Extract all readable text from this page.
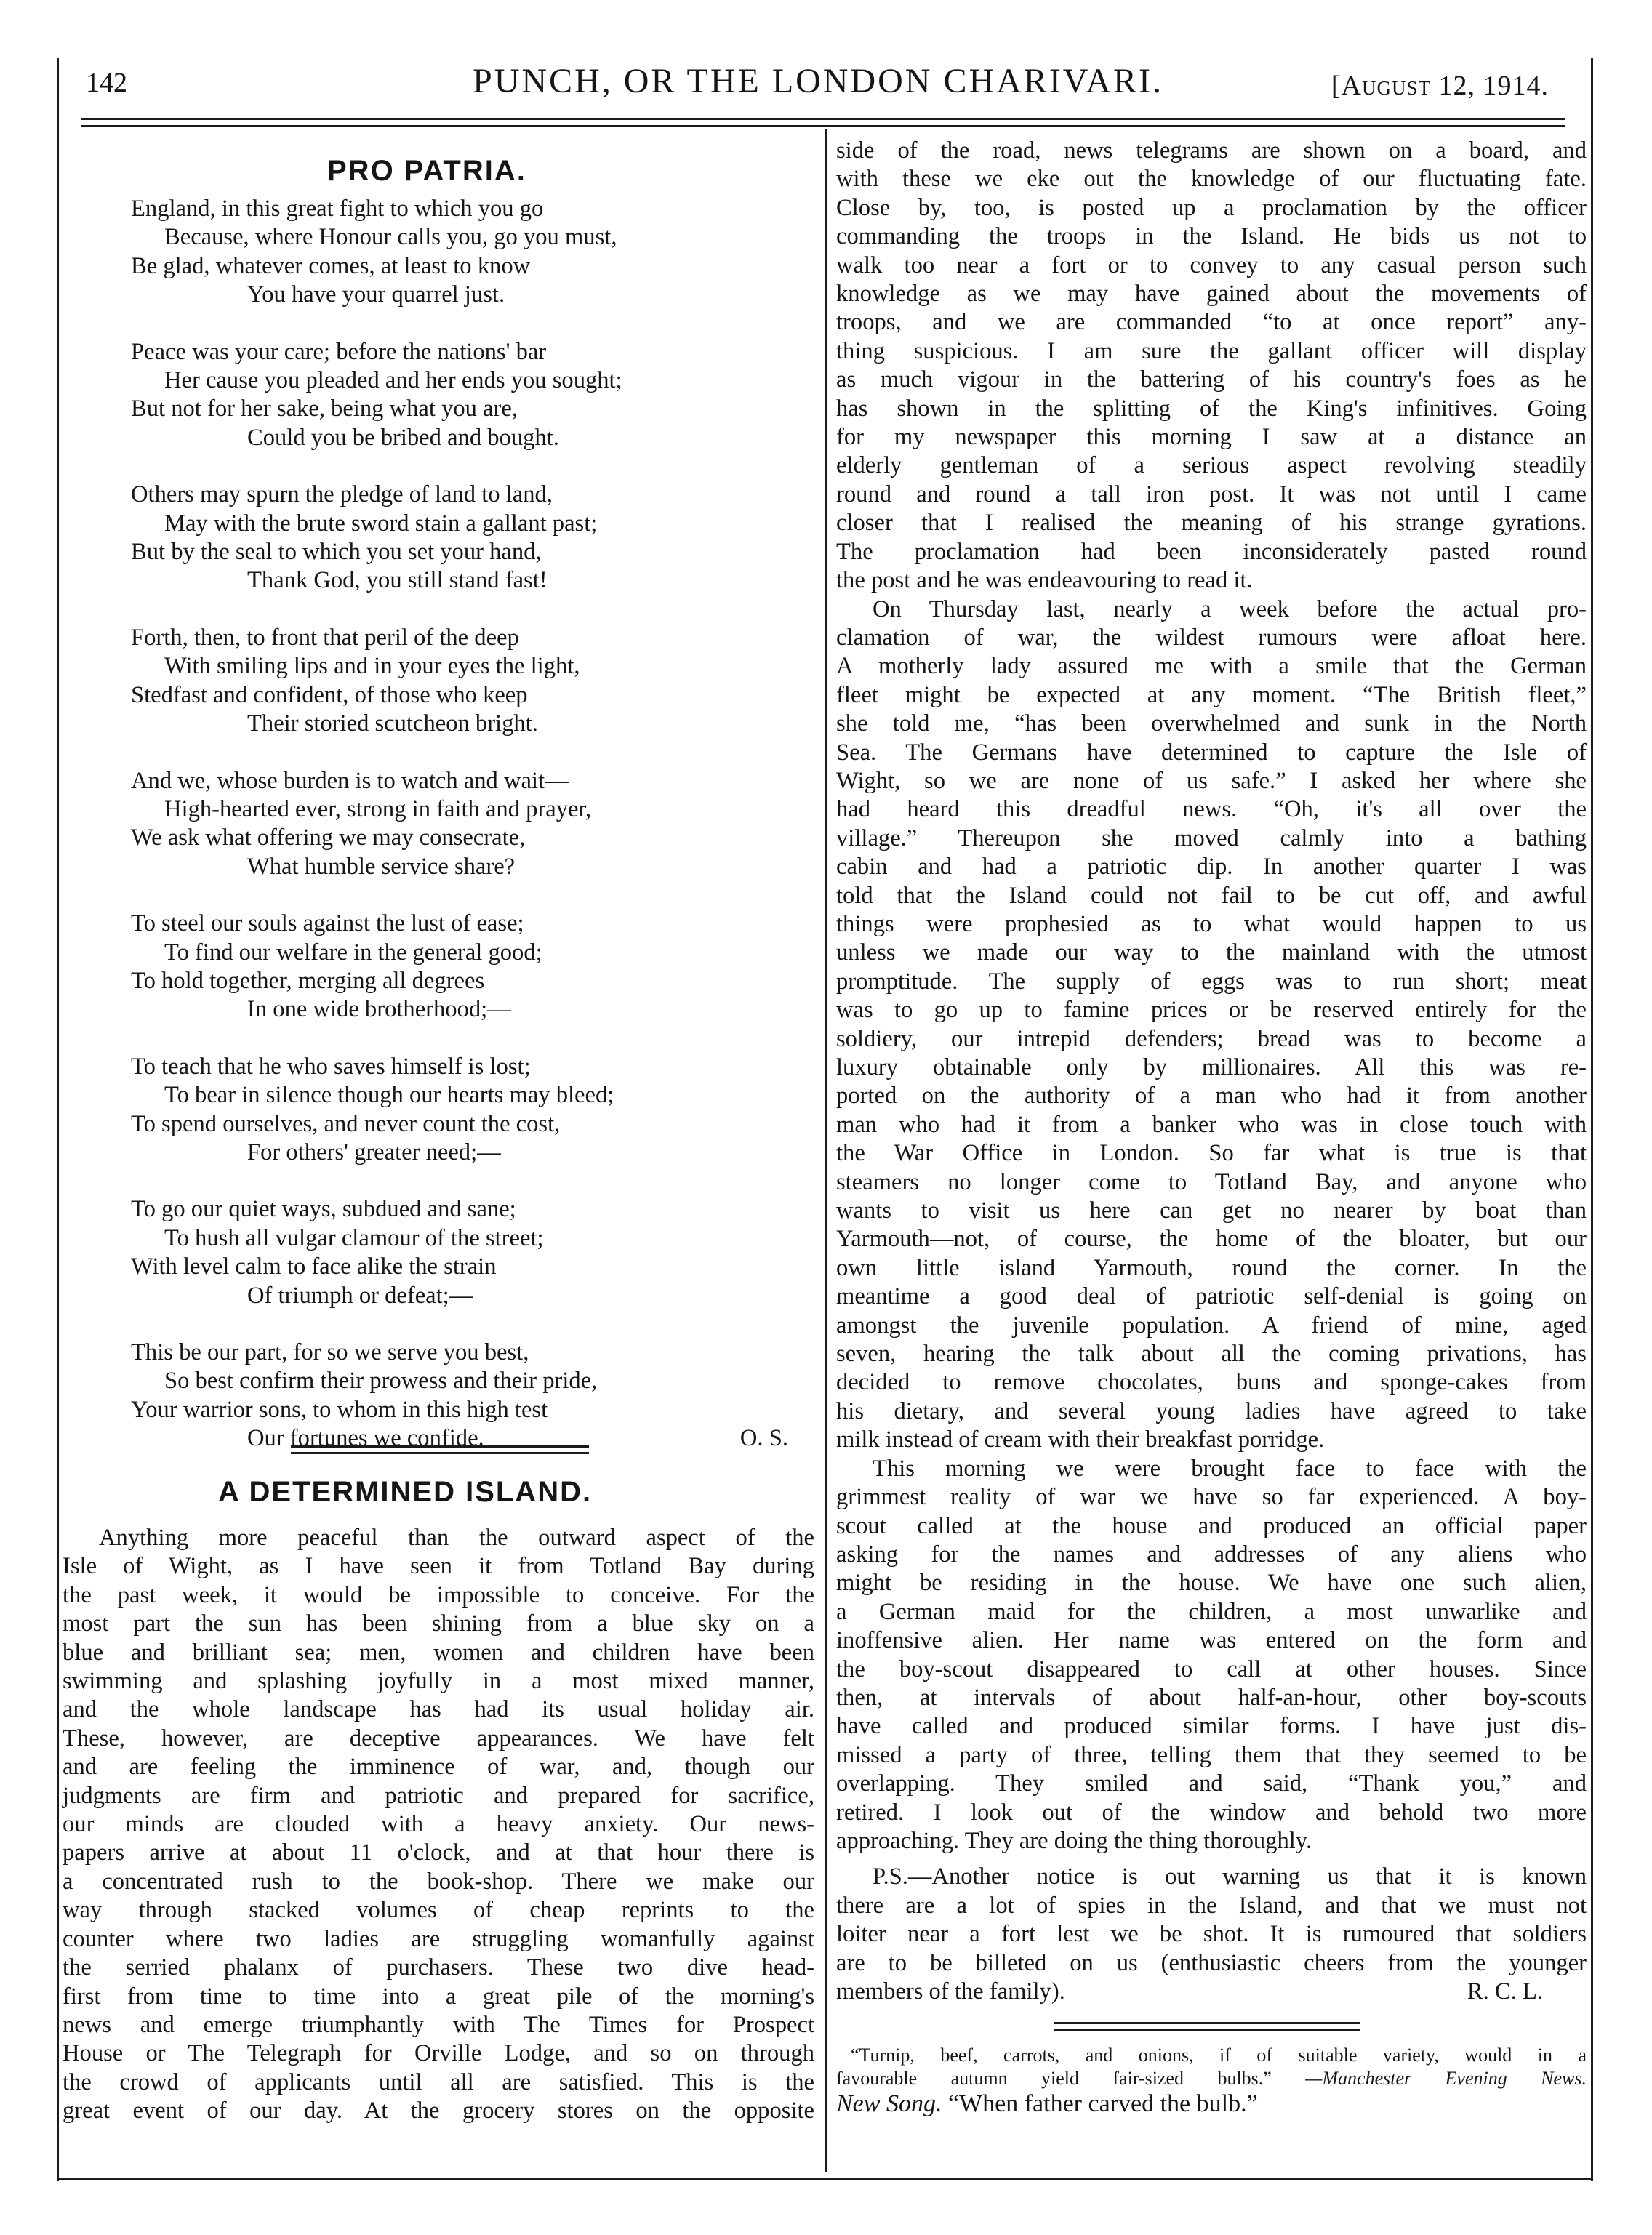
142	PUNCH, OR THE LONDON CHARIVARI.	[August 12, 1914.
PRO PATRIA.
England, in this great fight to which you go
Because, where Honour calls you, go you must,
Be glad, whatever comes, at least to know
You have your quarrel just.
Peace was your care; before the nations' bar
Her cause you pleaded and her ends you sought;
But not for her sake, being what you are,
Could you be bribed and bought.
Others may spurn the pledge of land to land,
May with the brute sword stain a gallant past;
But by the seal to which you set your hand,
Thank God, you still stand fast!
Forth, then, to front that peril of the deep
With smiling lips and in your eyes the light,
Stedfast and confident, of those who keep
Their storied scutcheon bright.
And we, whose burden is to watch and wait—
High-hearted ever, strong in faith and prayer,
We ask what offering we may consecrate,
What humble service share?
To steel our souls against the lust of ease;
To find our welfare in the general good;
To hold together, merging all degrees
In one wide brotherhood;—
To teach that he who saves himself is lost;
To bear in silence though our hearts may bleed;
To spend ourselves, and never count the cost,
For others' greater need;—
To go our quiet ways, subdued and sane;
To hush all vulgar clamour of the street;
With level calm to face alike the strain
Of triumph or defeat;—
This be our part, for so we serve you best,
So best confirm their prowess and their pride,
Your warrior sons, to whom in this high test
Our fortunes we confide.	O. S.
A DETERMINED ISLAND.
Anything more peaceful than the outward aspect of the
Isle of Wight, as I have seen it from Totland Bay during
the past week, it would be impossible to conceive. For the
most part the sun has been shining from a blue sky on a
blue and brilliant sea; men, women and children have been
swimming and splashing joyfully in a most mixed manner,
and the whole landscape has had its usual holiday air.
These, however, are deceptive appearances. We have felt
and are feeling the imminence of war, and, though our
judgments are firm and patriotic and prepared for sacrifice,
our minds are clouded with a heavy anxiety. Our news-
papers arrive at about 11 o'clock, and at that hour there is
a concentrated rush to the book-shop. There we make our
way through stacked volumes of cheap reprints to the
counter where two ladies are struggling womanfully against
the serried phalanx of purchasers. These two dive head-
first from time to time into a great pile of the morning's
news and emerge triumphantly with The Times for Prospect
House or The Telegraph for Orville Lodge, and so on through
the crowd of applicants until all are satisfied. This is the
great event of our day. At the grocery stores on the opposite
side of the road, news telegrams are shown on a board, and
with these we eke out the knowledge of our fluctuating fate.
Close by, too, is posted up a proclamation by the officer
commanding the troops in the Island. He bids us not to
walk too near a fort or to convey to any casual person such
knowledge as we may have gained about the movements of
troops, and we are commanded “to at once report” any-
thing suspicious. I am sure the gallant officer will display
as much vigour in the battering of his country's foes as he
has shown in the splitting of the King's infinitives. Going
for my newspaper this morning I saw at a distance an
elderly gentleman of a serious aspect revolving steadily
round and round a tall iron post. It was not until I came
closer that I realised the meaning of his strange gyrations.
The proclamation had been inconsiderately pasted round
the post and he was endeavouring to read it.
On Thursday last, nearly a week before the actual pro-
clamation of war, the wildest rumours were afloat here.
A motherly lady assured me with a smile that the German
fleet might be expected at any moment. “The British fleet,”
she told me, “has been overwhelmed and sunk in the North
Sea. The Germans have determined to capture the Isle of
Wight, so we are none of us safe.” I asked her where she
had heard this dreadful news. “Oh, it's all over the
village.” Thereupon she moved calmly into a bathing
cabin and had a patriotic dip. In another quarter I was
told that the Island could not fail to be cut off, and awful
things were prophesied as to what would happen to us
unless we made our way to the mainland with the utmost
promptitude. The supply of eggs was to run short; meat
was to go up to famine prices or be reserved entirely for the
soldiery, our intrepid defenders; bread was to become a
luxury obtainable only by millionaires. All this was re-
ported on the authority of a man who had it from another
man who had it from a banker who was in close touch with
the War Office in London. So far what is true is that
steamers no longer come to Totland Bay, and anyone who
wants to visit us here can get no nearer by boat than
Yarmouth—not, of course, the home of the bloater, but our
own little island Yarmouth, round the corner. In the
meantime a good deal of patriotic self-denial is going on
amongst the juvenile population. A friend of mine, aged
seven, hearing the talk about all the coming privations, has
decided to remove chocolates, buns and sponge-cakes from
his dietary, and several young ladies have agreed to take
milk instead of cream with their breakfast porridge.
This morning we were brought face to face with the
grimmest reality of war we have so far experienced. A boy-
scout called at the house and produced an official paper
asking for the names and addresses of any aliens who
might be residing in the house. We have one such alien,
a German maid for the children, a most unwarlike and
inoffensive alien. Her name was entered on the form and
the boy-scout disappeared to call at other houses. Since
then, at intervals of about half-an-hour, other boy-scouts
have called and produced similar forms. I have just dis-
missed a party of three, telling them that they seemed to be
overlapping. They smiled and said, “Thank you,” and
retired. I look out of the window and behold two more
approaching. They are doing the thing thoroughly.
P.S.—Another notice is out warning us that it is known
there are a lot of spies in the Island, and that we must not
loiter near a fort lest we be shot. It is rumoured that soldiers
are to be billeted on us (enthusiastic cheers from the younger
members of the family).	R. C. L.
“Turnip, beef, carrots, and onions, if of suitable variety, would in a
favourable autumn yield fair-sized bulbs.” —Manchester Evening News.
New Song. “When father carved the bulb.”
